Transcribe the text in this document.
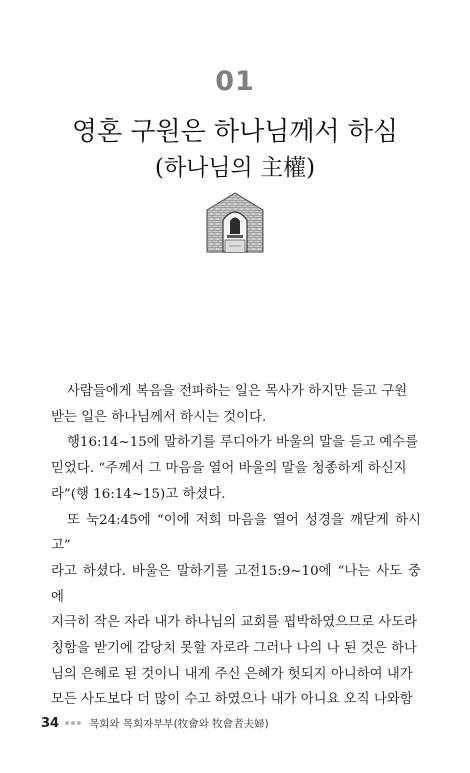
01
영혼 구원은 하나님께서 하심
(하나님의 主權)

사람들에게 복음을 전파하는 일은 목사가 하지만 듣고 구원
받는 일은 하나님께서 하시는 것이다.

행16:14~15에 말하기를 루디아가 바울의 말을 듣고 예수를
믿었다. “주께서 그 마음을 열어 바울의 말을 청종하게 하신지
라”(행 16:14~15)고 하셨다.

또 눅24:45에 “이에 저희 마음을 열어 성경을 깨닫게 하시고”
라고 하셨다. 바울은 말하기를 고전15:9~10에 “나는 사도 중에
지극히 작은 자라 내가 하나님의 교회를 핍박하였으므로 사도라
칭함을 받기에 감당치 못할 자로라 그러나 나의 나 된 것은 하나
님의 은혜로 된 것이니 내게 주신 은혜가 헛되지 아니하여 내가
모든 사도보다 더 많이 수고 하였으나 내가 아니요 오직 나와함

34	목회와 목회자부부(牧會와 牧會者夫婦)
